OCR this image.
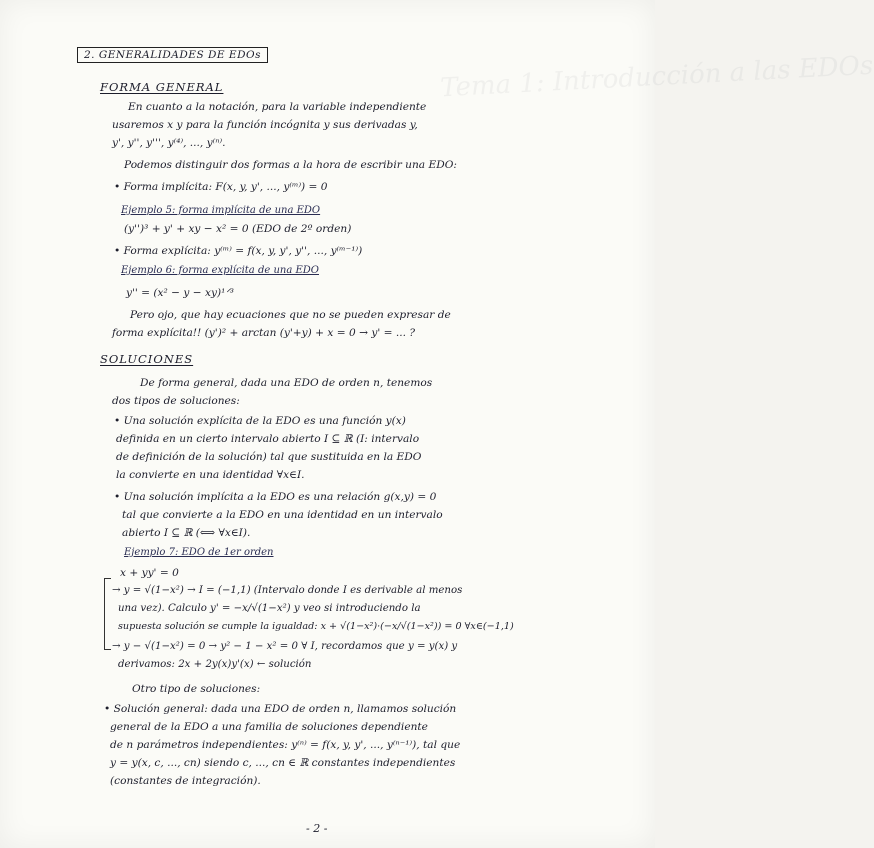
Tema 1: Introducción a las EDOs
2. GENERALIDADES DE EDOs
FORMA GENERAL
En cuanto a la notación, para la variable independiente
usaremos x y para la función incógnita y sus derivadas y,
y', y'', y''', y⁽⁴⁾, ..., y⁽ⁿ⁾.
Podemos distinguir dos formas a la hora de escribir una EDO:
• Forma implícita: F(x, y, y', ..., y⁽ᵐ⁾) = 0
Ejemplo 5: forma implícita de una EDO
(y'')³ + y' + xy − x² = 0 (EDO de 2º orden)
• Forma explícita: y⁽ᵐ⁾ = f(x, y, y', y'', ..., y⁽ᵐ⁻¹⁾)
Ejemplo 6: forma explícita de una EDO
y'' = (x² − y − xy)¹ᐟ³
Pero ojo, que hay ecuaciones que no se pueden expresar de
forma explícita!! (y')² + arctan (y'+y) + x = 0 → y' = ... ?
SOLUCIONES
De forma general, dada una EDO de orden n, tenemos
dos tipos de soluciones:
• Una solución explícita de la EDO es una función y(x)
definida en un cierto intervalo abierto I ⊆ ℝ (I: intervalo
de definición de la solución) tal que sustituida en la EDO
la convierte en una identidad ∀x∈I.
• Una solución implícita a la EDO es una relación g(x,y) = 0
tal que convierte a la EDO en una identidad en un intervalo
abierto I ⊆ ℝ (⟺ ∀x∈I).
Ejemplo 7: EDO de 1er orden
x + yy' = 0
→ y = √(1−x²) → I = (−1,1) (Intervalo donde I es derivable al menos
una vez). Calculo y' = −x/√(1−x²) y veo si introduciendo la
supuesta solución se cumple la igualdad: x + √(1−x²)·(−x/√(1−x²)) = 0 ∀x∈(−1,1)
→ y − √(1−x²) = 0 → y² − 1 − x² = 0 ∀ I, recordamos que y = y(x) y
derivamos: 2x + 2y(x)y'(x) ← solución
Otro tipo de soluciones:
• Solución general: dada una EDO de orden n, llamamos solución
general de la EDO a una familia de soluciones dependiente
de n parámetros independientes: y⁽ⁿ⁾ = f(x, y, y', ..., y⁽ⁿ⁻¹⁾), tal que
y = y(x, c, ..., cn) siendo c, ..., cn ∈ ℝ constantes independientes
(constantes de integración).
- 2 -
